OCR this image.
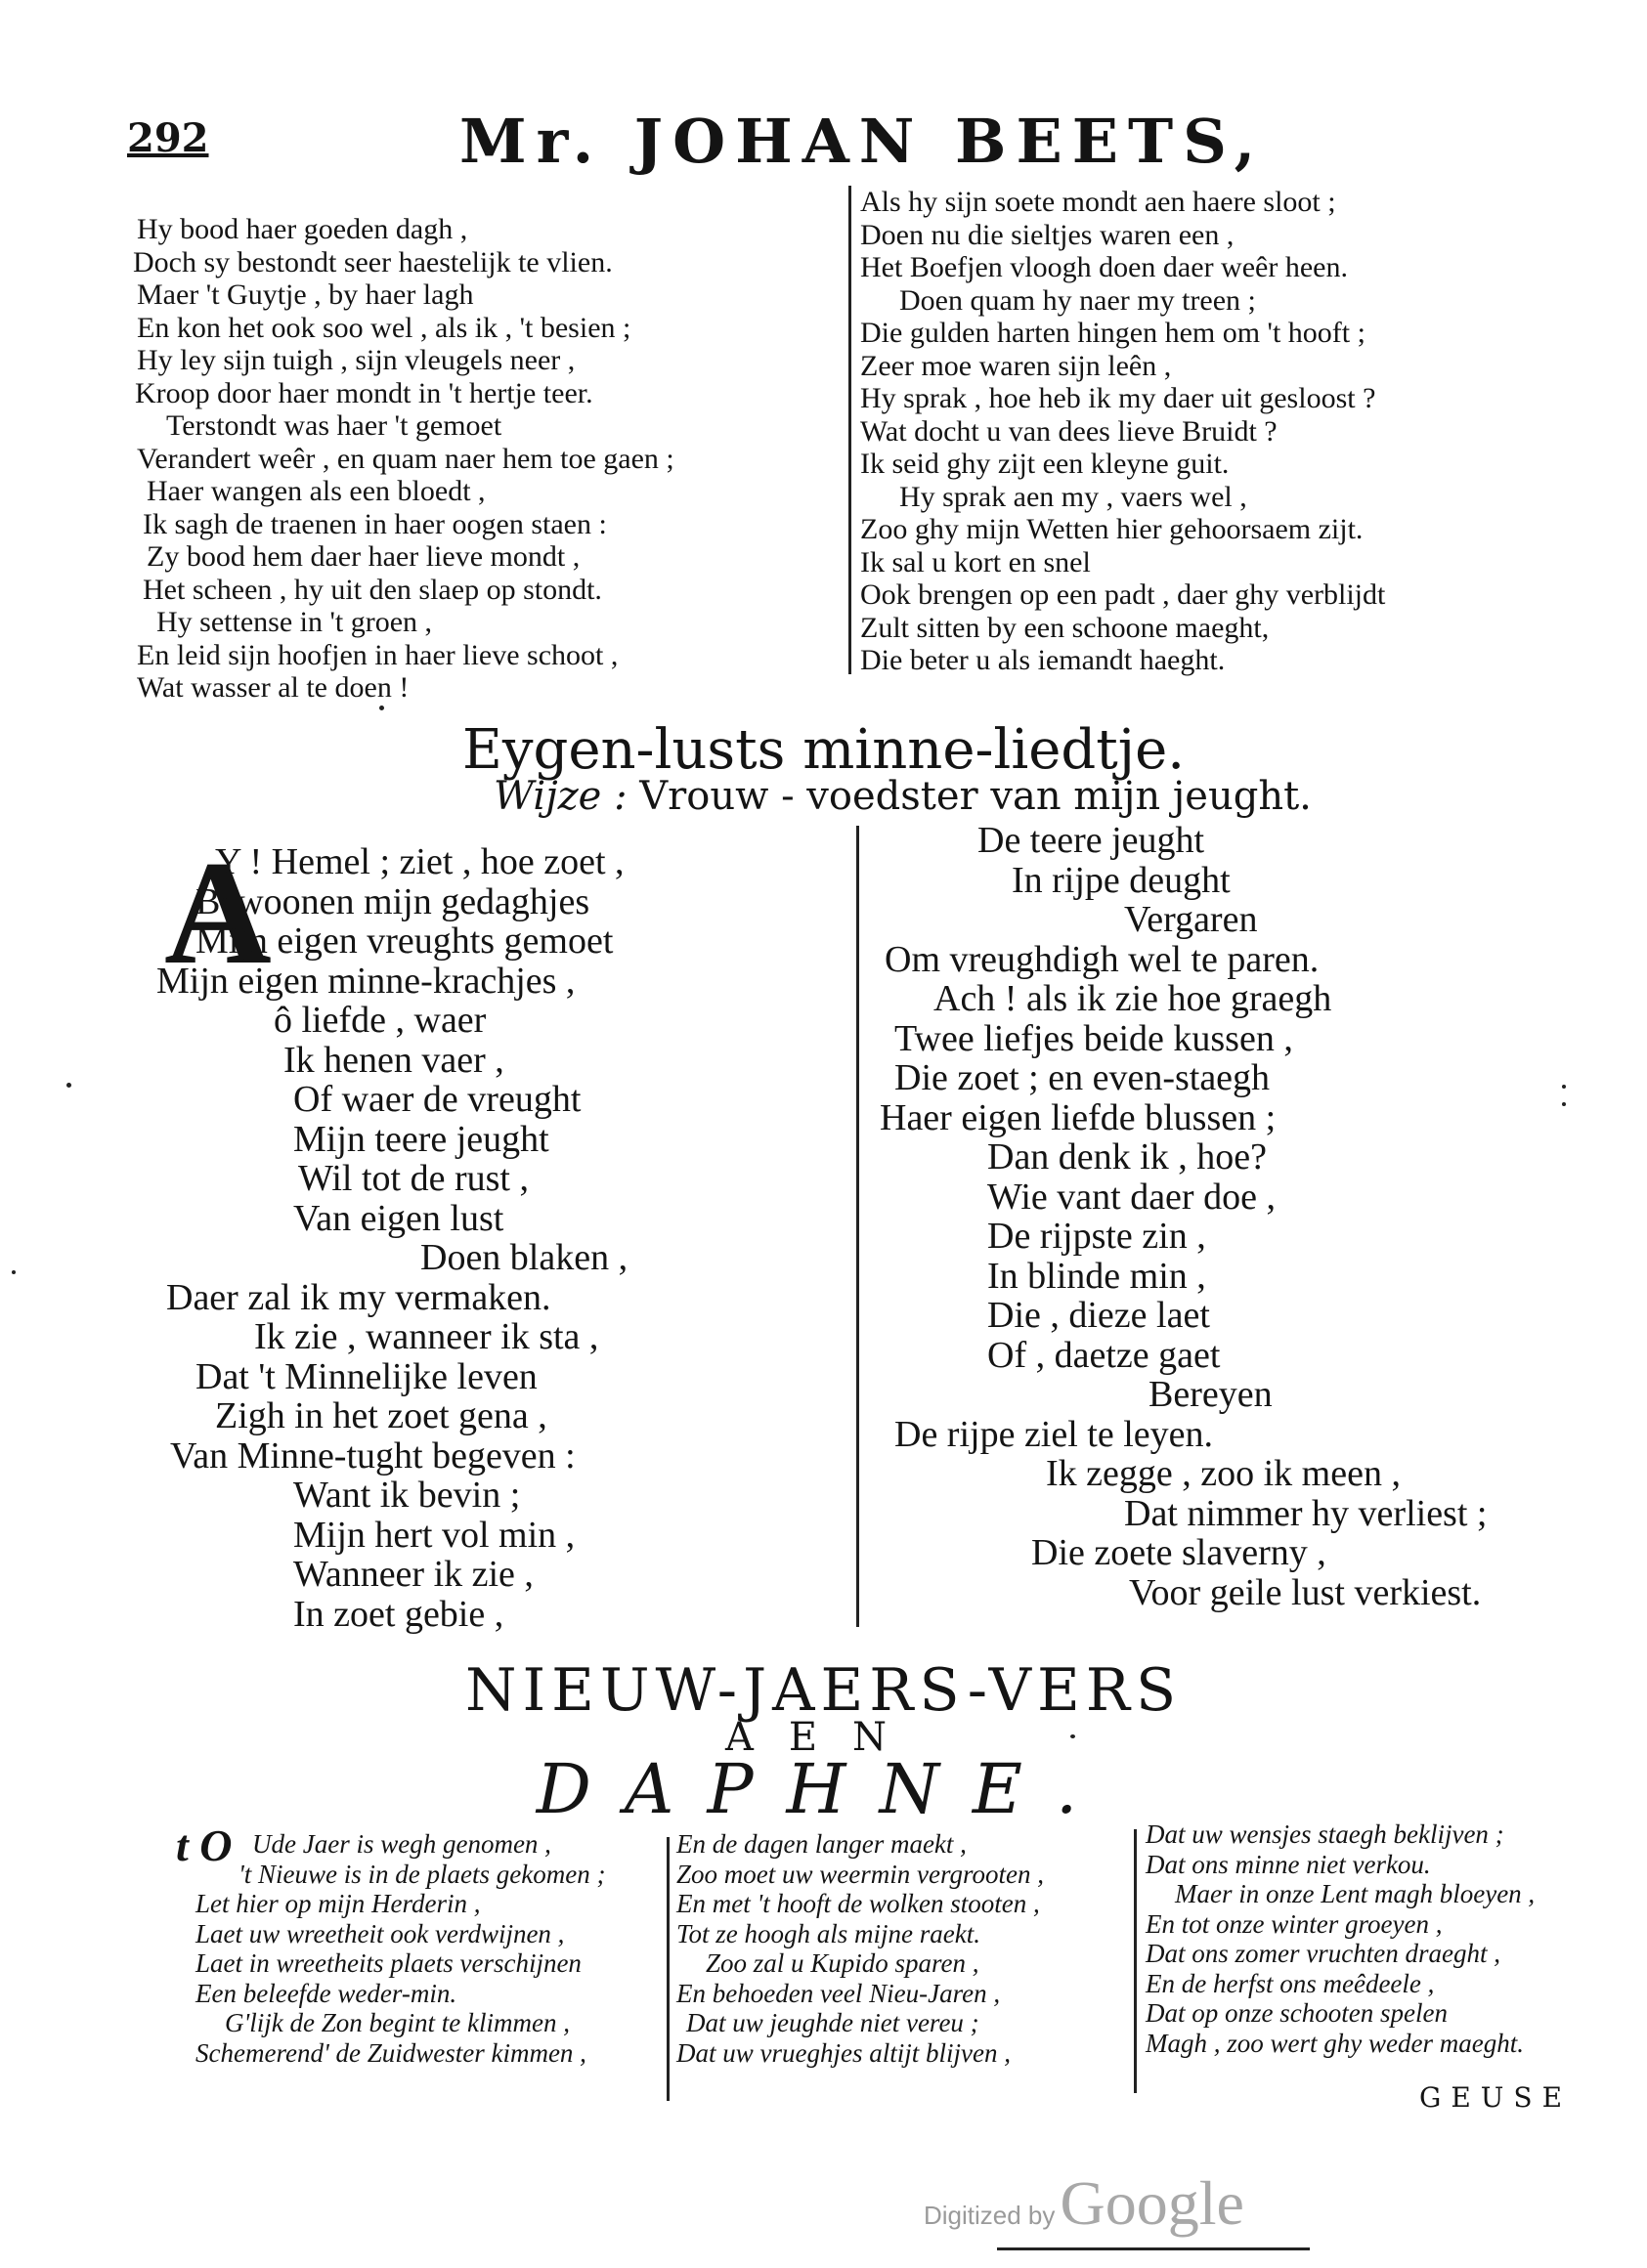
292	Mr. JOHAN BEETS,
Hy bood haer goeden dagh ,
Doch sy bestondt seer haestelijk te vlien.
Maer 't Guytje , by haer lagh
En kon het ook soo wel , als ik , 't besien ;
Hy ley sijn tuigh , sijn vleugels neer ,
Kroop door haer mondt in 't hertje teer.
Terstondt was haer 't gemoet
Verandert weêr , en quam naer hem toe gaen ;
Haer wangen als een bloedt ,
Ik sagh de traenen in haer oogen staen :
Zy bood hem daer haer lieve mondt ,
Het scheen , hy uit den slaep op stondt.
Hy settense in 't groen ,
En leid sijn hoofjen in haer lieve schoot ,
Wat wasser al te doen !
Als hy sijn soete mondt aen haere sloot ;
Doen nu die sieltjes waren een ,
Het Boefjen vloogh doen daer weêr heen.
Doen quam hy naer my treen ;
Die gulden harten hingen hem om 't hooft ;
Zeer moe waren sijn leên ,
Hy sprak , hoe heb ik my daer uit gesloost ?
Wat docht u van dees lieve Bruidt ?
Ik seid ghy zijt een kleyne guit.
Hy sprak aen my , vaers wel ,
Zoo ghy mijn Wetten hier gehoorsaem zijt.
Ik sal u kort en snel
Ook brengen op een padt , daer ghy verblijdt
Zult sitten by een schoone maeght,
Die beter u als iemandt haeght.
Eygen-lusts minne-liedtje.
Wijze : Vrouw - voedster van mijn jeught.
A
Y ! Hemel ; ziet , hoe zoet ,
Bewoonen mijn gedaghjes
Mijn eigen vreughts gemoet
Mijn eigen minne-krachjes ,
ô liefde , waer
Ik henen vaer ,
Of waer de vreught
Mijn teere jeught
Wil tot de rust ,
Van eigen lust
Doen blaken ,
Daer zal ik my vermaken.
Ik zie , wanneer ik sta ,
Dat 't Minnelijke leven
Zigh in het zoet gena ,
Van Minne-tught begeven :
Want ik bevin ;
Mijn hert vol min ,
Wanneer ik zie ,
In zoet gebie ,
De teere jeught
In rijpe deught
Vergaren
Om vreughdigh wel te paren.
Ach ! als ik zie hoe graegh
Twee liefjes beide kussen ,
Die zoet ; en even-staegh
Haer eigen liefde blussen ;
Dan denk ik , hoe?
Wie vant daer doe ,
De rijpste zin ,
In blinde min ,
Die , dieze laet
Of , daetze gaet
Bereyen
De rijpe ziel te leyen.
Ik zegge , zoo ik meen ,
Dat nimmer hy verliest ;
Die zoete slaverny ,
Voor geile lust verkiest.
NIEUW-JAERS-VERS
AEN
DAPHNE.
t O Ude Jaer is wegh genomen ,
't Nieuwe is in de plaets gekomen ;
Let hier op mijn Herderin ,
Laet uw wreetheit ook verdwijnen ,
Laet in wreetheits plaets verschijnen
Een beleefde weder-min.
G'lijk de Zon begint te klimmen ,
Schemerend' de Zuidwester kimmen ,
En de dagen langer maekt ,
Zoo moet uw weermin vergrooten ,
En met 't hooft de wolken stooten ,
Tot ze hoogh als mijne raekt.
Zoo zal u Kupido sparen ,
En behoeden veel Nieu-Jaren ,
Dat uw jeughde niet vereu ;
Dat uw vrueghjes altijt blijven ,
Dat uw wensjes staegh beklijven ;
Dat ons minne niet verkou.
Maer in onze Lent magh bloeyen ,
En tot onze winter groeyen ,
Dat ons zomer vruchten draeght ,
En de herfst ons meêdeele ,
Dat op onze schooten spelen
Magh , zoo wert ghy weder maeght.
GEUSE
Digitized by Google
